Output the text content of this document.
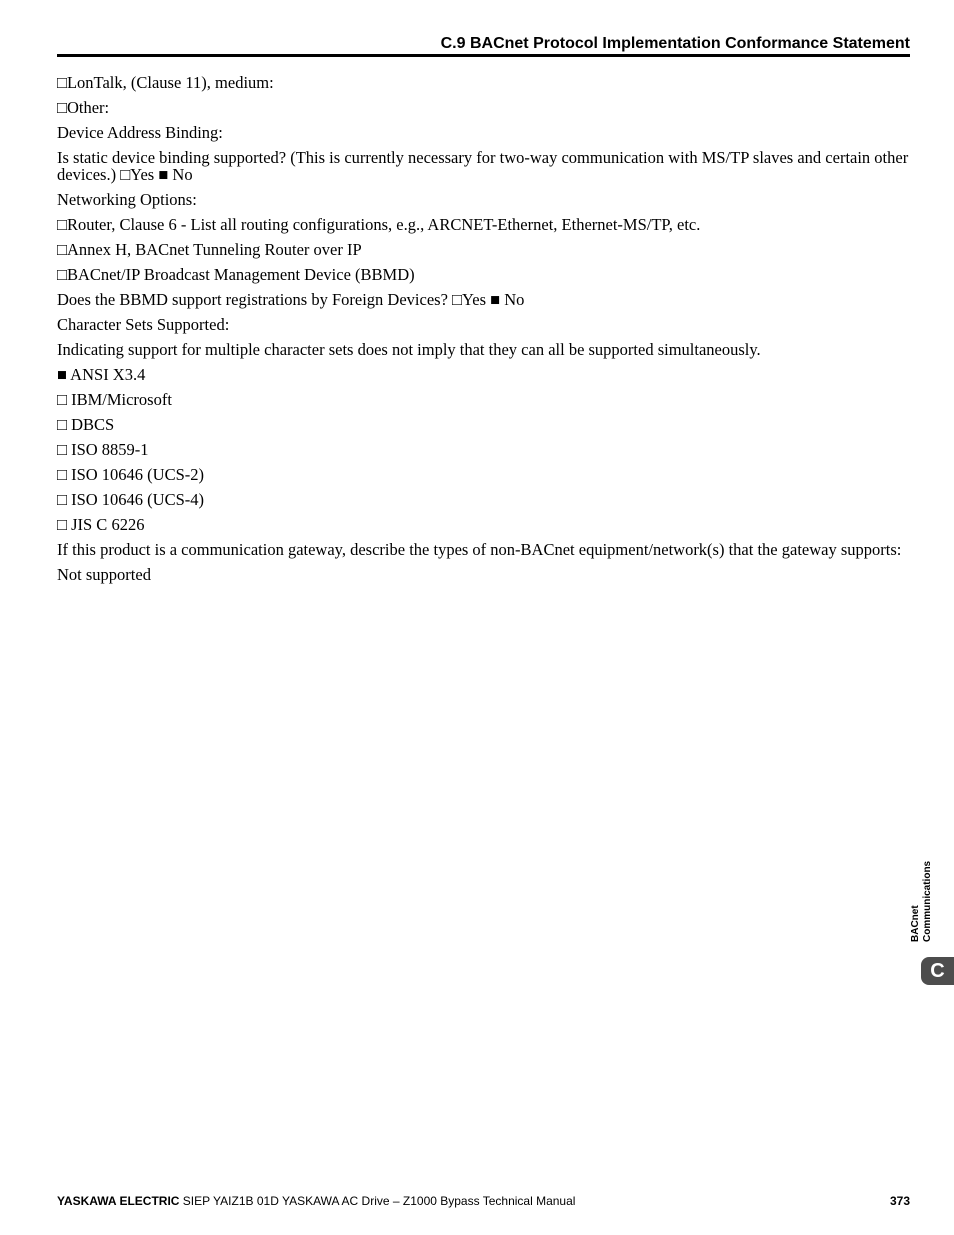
C.9 BACnet Protocol Implementation Conformance Statement

□LonTalk, (Clause 11), medium:

□Other:

Device Address Binding:

Is static device binding supported? (This is currently necessary for two-way communication with MS/TP slaves and certain other devices.) □Yes ■ No

Networking Options:

□Router, Clause 6 - List all routing configurations, e.g., ARCNET-Ethernet, Ethernet-MS/TP, etc.

□Annex H, BACnet Tunneling Router over IP

□BACnet/IP Broadcast Management Device (BBMD)

Does the BBMD support registrations by Foreign Devices? □Yes ■ No

Character Sets Supported:

Indicating support for multiple character sets does not imply that they can all be supported simultaneously.

■ ANSI X3.4

□ IBM/Microsoft

□ DBCS

□ ISO 8859-1

□ ISO 10646 (UCS-2)

□ ISO 10646 (UCS-4)

□ JIS C 6226

If this product is a communication gateway, describe the types of non-BACnet equipment/network(s) that the gateway supports:

Not supported

BACnet Communications
C
YASKAWA ELECTRIC SIEP YAIZ1B 01D YASKAWA AC Drive – Z1000 Bypass Technical Manual	373
